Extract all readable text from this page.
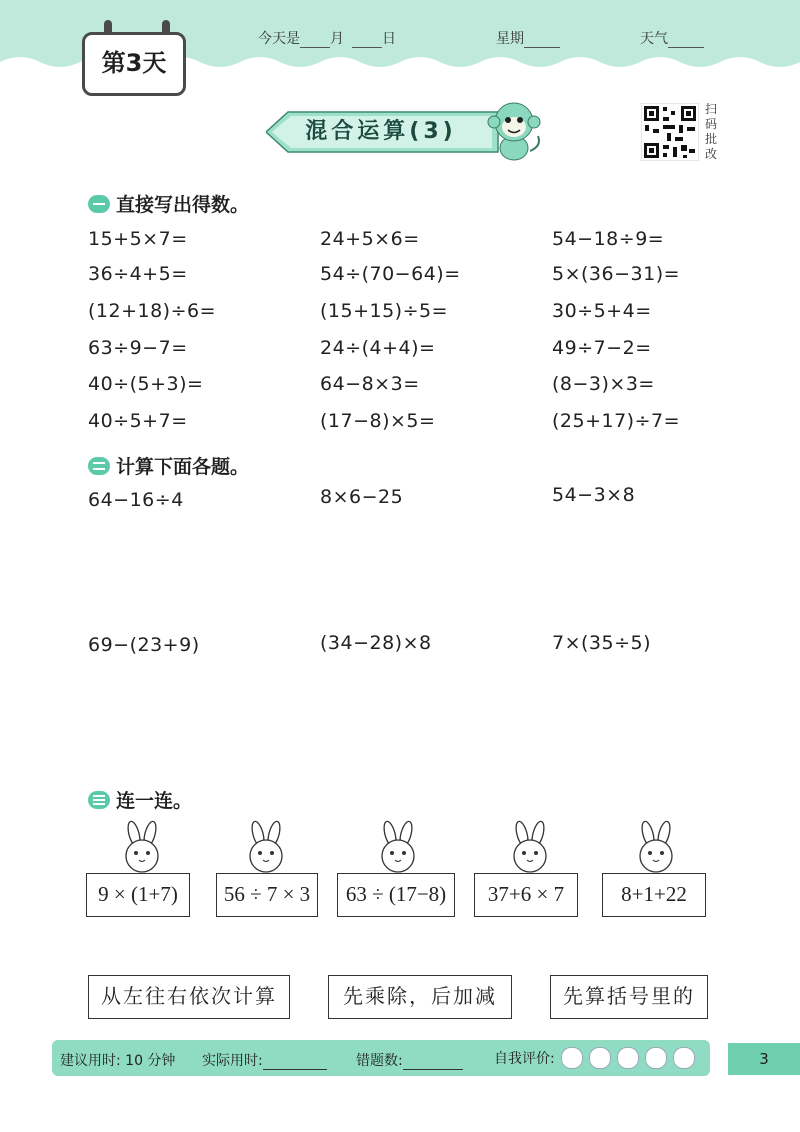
第3天
今天是 月	日	星期	天气
混合运算(3)
扫
码
批
改
直接写出得数。
15+5×7=	24+5×6=	54−18÷9=
36÷4+5=	54÷(70−64)=	5×(36−31)=
(12+18)÷6=	(15+15)÷5=	30÷5+4=
63÷9−7=	24÷(4+4)=	49÷7−2=
40÷(5+3)=	64−8×3=	(8−3)×3=
40÷5+7=	(17−8)×5=	(25+17)÷7=
计算下面各题。
64−16÷4	8×6−25	54−3×8
69−(23+9)	(34−28)×8	7×(35÷5)
连一连。
9 × (1+7)	56 ÷ 7 × 3	63 ÷ (17−8)	37+6 × 7	8+1+22
从左往右依次计算	先乘除，后加减	先算括号里的
建议用时: 10 分钟 实际用时:	错题数:	自我评价:	3
